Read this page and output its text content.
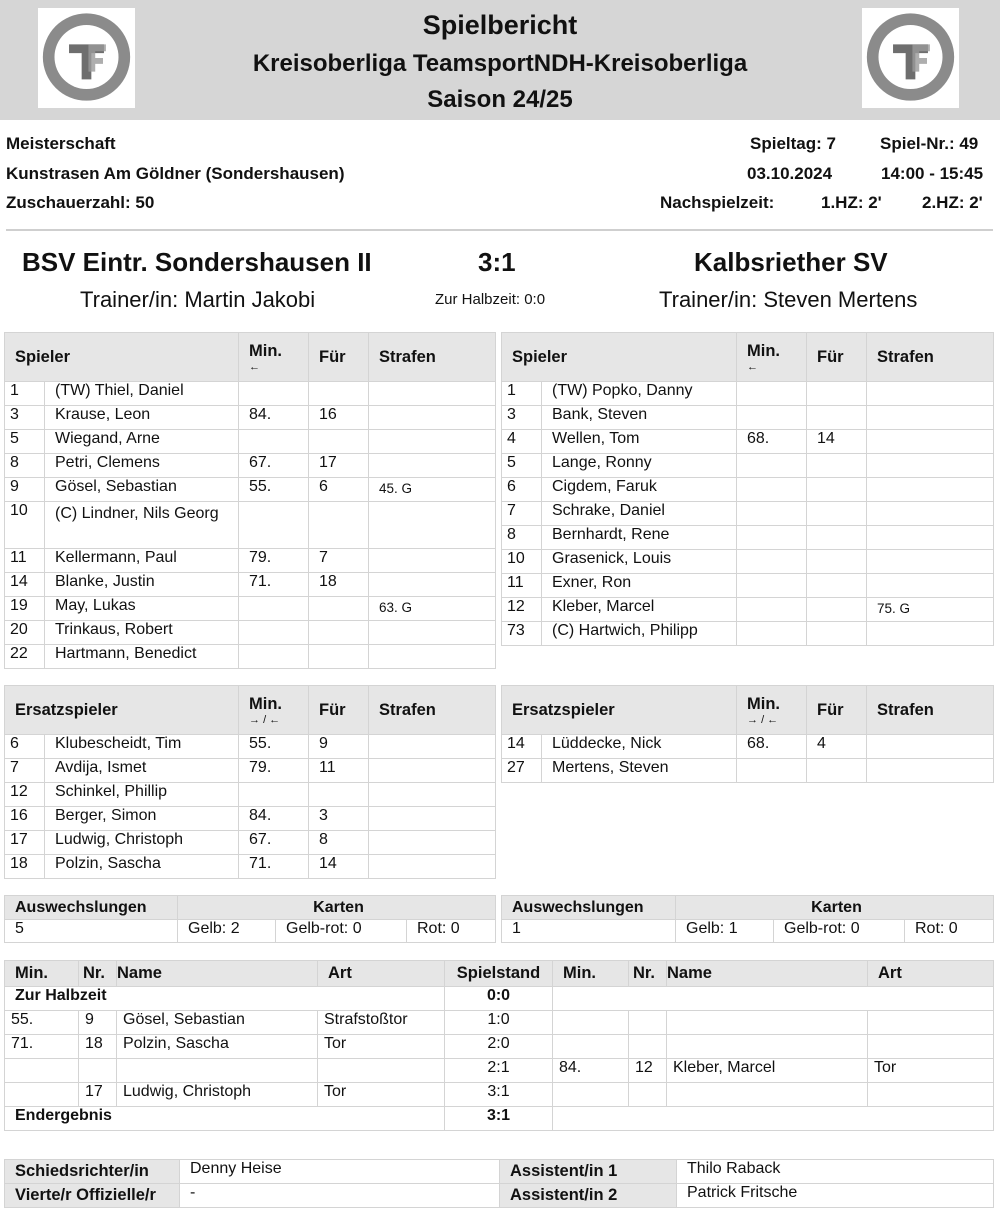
Spielbericht
Kreisoberliga TeamsportNDH-Kreisoberliga
Saison 24/25
Meisterschaft
Kunstrasen Am Göldner (Sondershausen)
Zuschauerzahl: 50
Spieltag: 7	Spiel-Nr.: 49
03.10.2024	14:00 - 15:45
Nachspielzeit:	1.HZ: 2' 2.HZ: 2'
BSV Eintr. Sondershausen II	3:1	Kalbsriether SV
Trainer/in: Martin Jakobi	Zur Halbzeit: 0:0	Trainer/in: Steven Mertens
Spieler		Min.
←	Für	Strafen
1	(TW) Thiel, Daniel			
3	Krause, Leon	84.	16	
5	Wiegand, Arne			
8	Petri, Clemens	67.	17	
9	Gösel, Sebastian	55.	6	45. G
10	(C) Lindner, Nils Georg			
11	Kellermann, Paul	79.	7	
14	Blanke, Justin	71.	18	
19	May, Lukas			63. G
20	Trinkaus, Robert			
22	Hartmann, Benedict			
Spieler		Min.
←	Für	Strafen
1	(TW) Popko, Danny			
3	Bank, Steven			
4	Wellen, Tom	68.	14	
5	Lange, Ronny			
6	Cigdem, Faruk			
7	Schrake, Daniel			
8	Bernhardt, Rene			
10	Grasenick, Louis			
11	Exner, Ron			
12	Kleber, Marcel			75. G
73	(C) Hartwich, Philipp			
Ersatzspieler		Min.
→ / ←	Für	Strafen
6	Klubescheidt, Tim	55.	9	
7	Avdija, Ismet	79.	11	
12	Schinkel, Phillip			
16	Berger, Simon	84.	3	
17	Ludwig, Christoph	67.	8	
18	Polzin, Sascha	71.	14	
Ersatzspieler		Min.
→ / ←	Für	Strafen
14	Lüddecke, Nick	68.	4	
27	Mertens, Steven			
Auswechslungen	Karten		
5	Gelb: 2	Gelb-rot: 0	Rot: 0
Auswechslungen	Karten		
1	Gelb: 1	Gelb-rot: 0	Rot: 0
Min.	Nr.	Name	Art	Spielstand	Min.	Nr.	Name	Art
Zur Halbzeit				0:0				
55.	9	Gösel, Sebastian	Strafstoßtor	1:0				
71.	18	Polzin, Sascha	Tor	2:0				
				2:1	84.	12	Kleber, Marcel	Tor
	17	Ludwig, Christoph	Tor	3:1				
Endergebnis				3:1				
Schiedsrichter/in	Denny Heise	Assistent/in 1	Thilo Raback
Vierte/r Offizielle/r	-	Assistent/in 2	Patrick Fritsche
